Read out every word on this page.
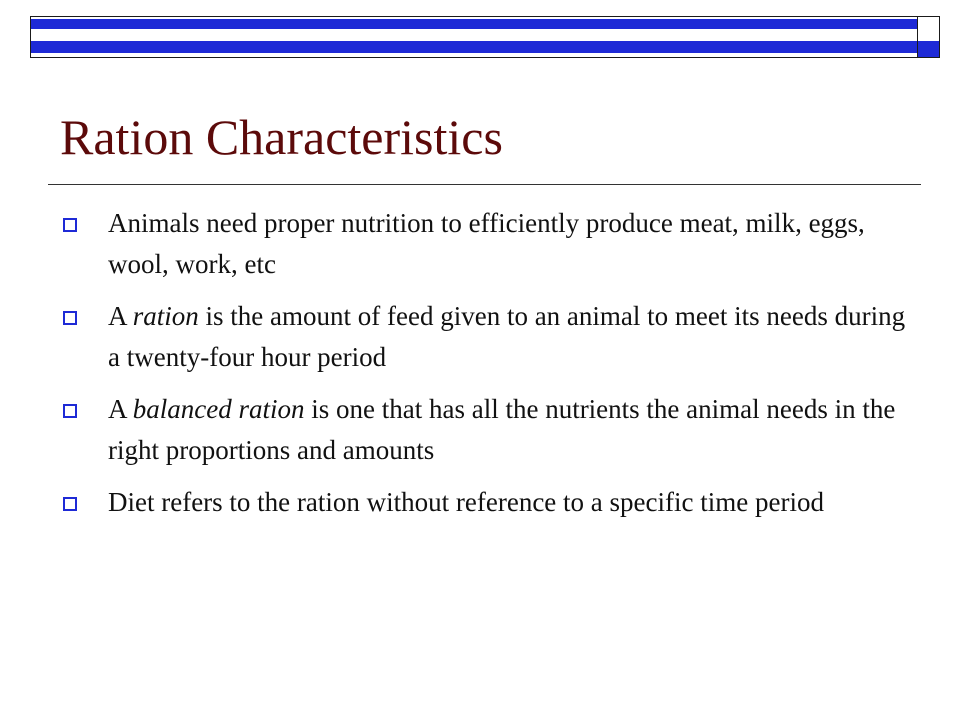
Ration Characteristics
Animals need proper nutrition to efficiently produce meat, milk, eggs, wool, work, etc
A ration is the amount of feed given to an animal to meet its needs during a twenty-four hour period
A balanced ration is one that has all the nutrients the animal needs in the right proportions and amounts
Diet refers to the ration without reference to a specific time period
